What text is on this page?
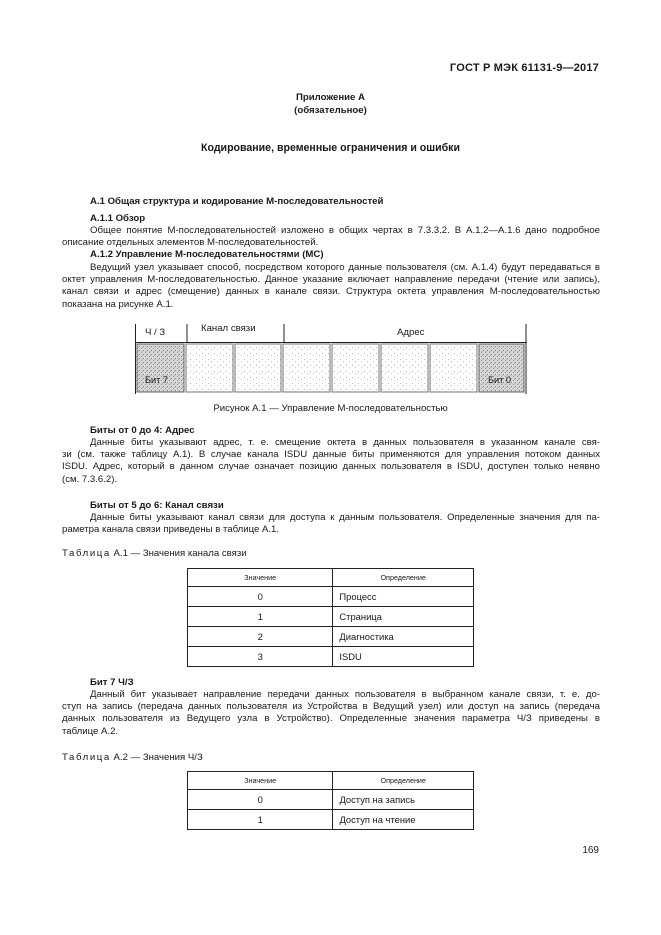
ГОСТ Р МЭК 61131-9—2017
Приложение А
(обязательное)
Кодирование, временные ограничения и ошибки
А.1 Общая структура и кодирование М-последовательностей
А.1.1 Обзор
Общее понятие М-последовательностей изложено в общих чертах в 7.3.3.2. В А.1.2—А.1.6 дано подробное
описание отдельных элементов М-последовательностей.
А.1.2 Управление М-последовательностями (МС)
Ведущий узел указывает способ, посредством которого данные пользователя (см. А.1.4) будут передаваться в
октет управления М-последовательностью. Данное указание включает направление передачи (чтение или запись),
канал связи и адрес (смещение) данных в канале связи. Структура октета управления М-последовательностью
показана на рисунке А.1.
Ч / З	Канал связи	Адрес
Бит 7	Бит 0
Рисунок А.1 — Управление М-последовательностью
Биты от 0 до 4: Адрес
Данные биты указывают адрес, т. е. смещение октета в данных пользователя в указанном канале свя-
зи (см. также таблицу А.1). В случае канала ISDU данные биты применяются для управления потоком данных
ISDU. Адрес, который в данном случае означает позицию данных пользователя в ISDU, доступен только неявно
(см. 7.3.6.2).
Биты от 5 до 6: Канал связи
Данные биты указывают канал связи для доступа к данным пользователя. Определенные значения для па-
раметра канала связи приведены в таблице А.1.
Таблица А.1 — Значения канала связи
Значение	Определение
0	Процесс
1	Страница
2	Диагностика
3	ISDU
Бит 7 Ч/З
Данный бит указывает направление передачи данных пользователя в выбранном канале связи, т. е. до-
ступ на запись (передача данных пользователя из Устройства в Ведущий узел) или доступ на запись (передача
данных пользователя из Ведущего узла в Устройство). Определенные значения параметра Ч/З приведены в
таблице А.2.
Таблица А.2 — Значения Ч/З
Значение	Определение
0	Доступ на запись
1	Доступ на чтение
169
